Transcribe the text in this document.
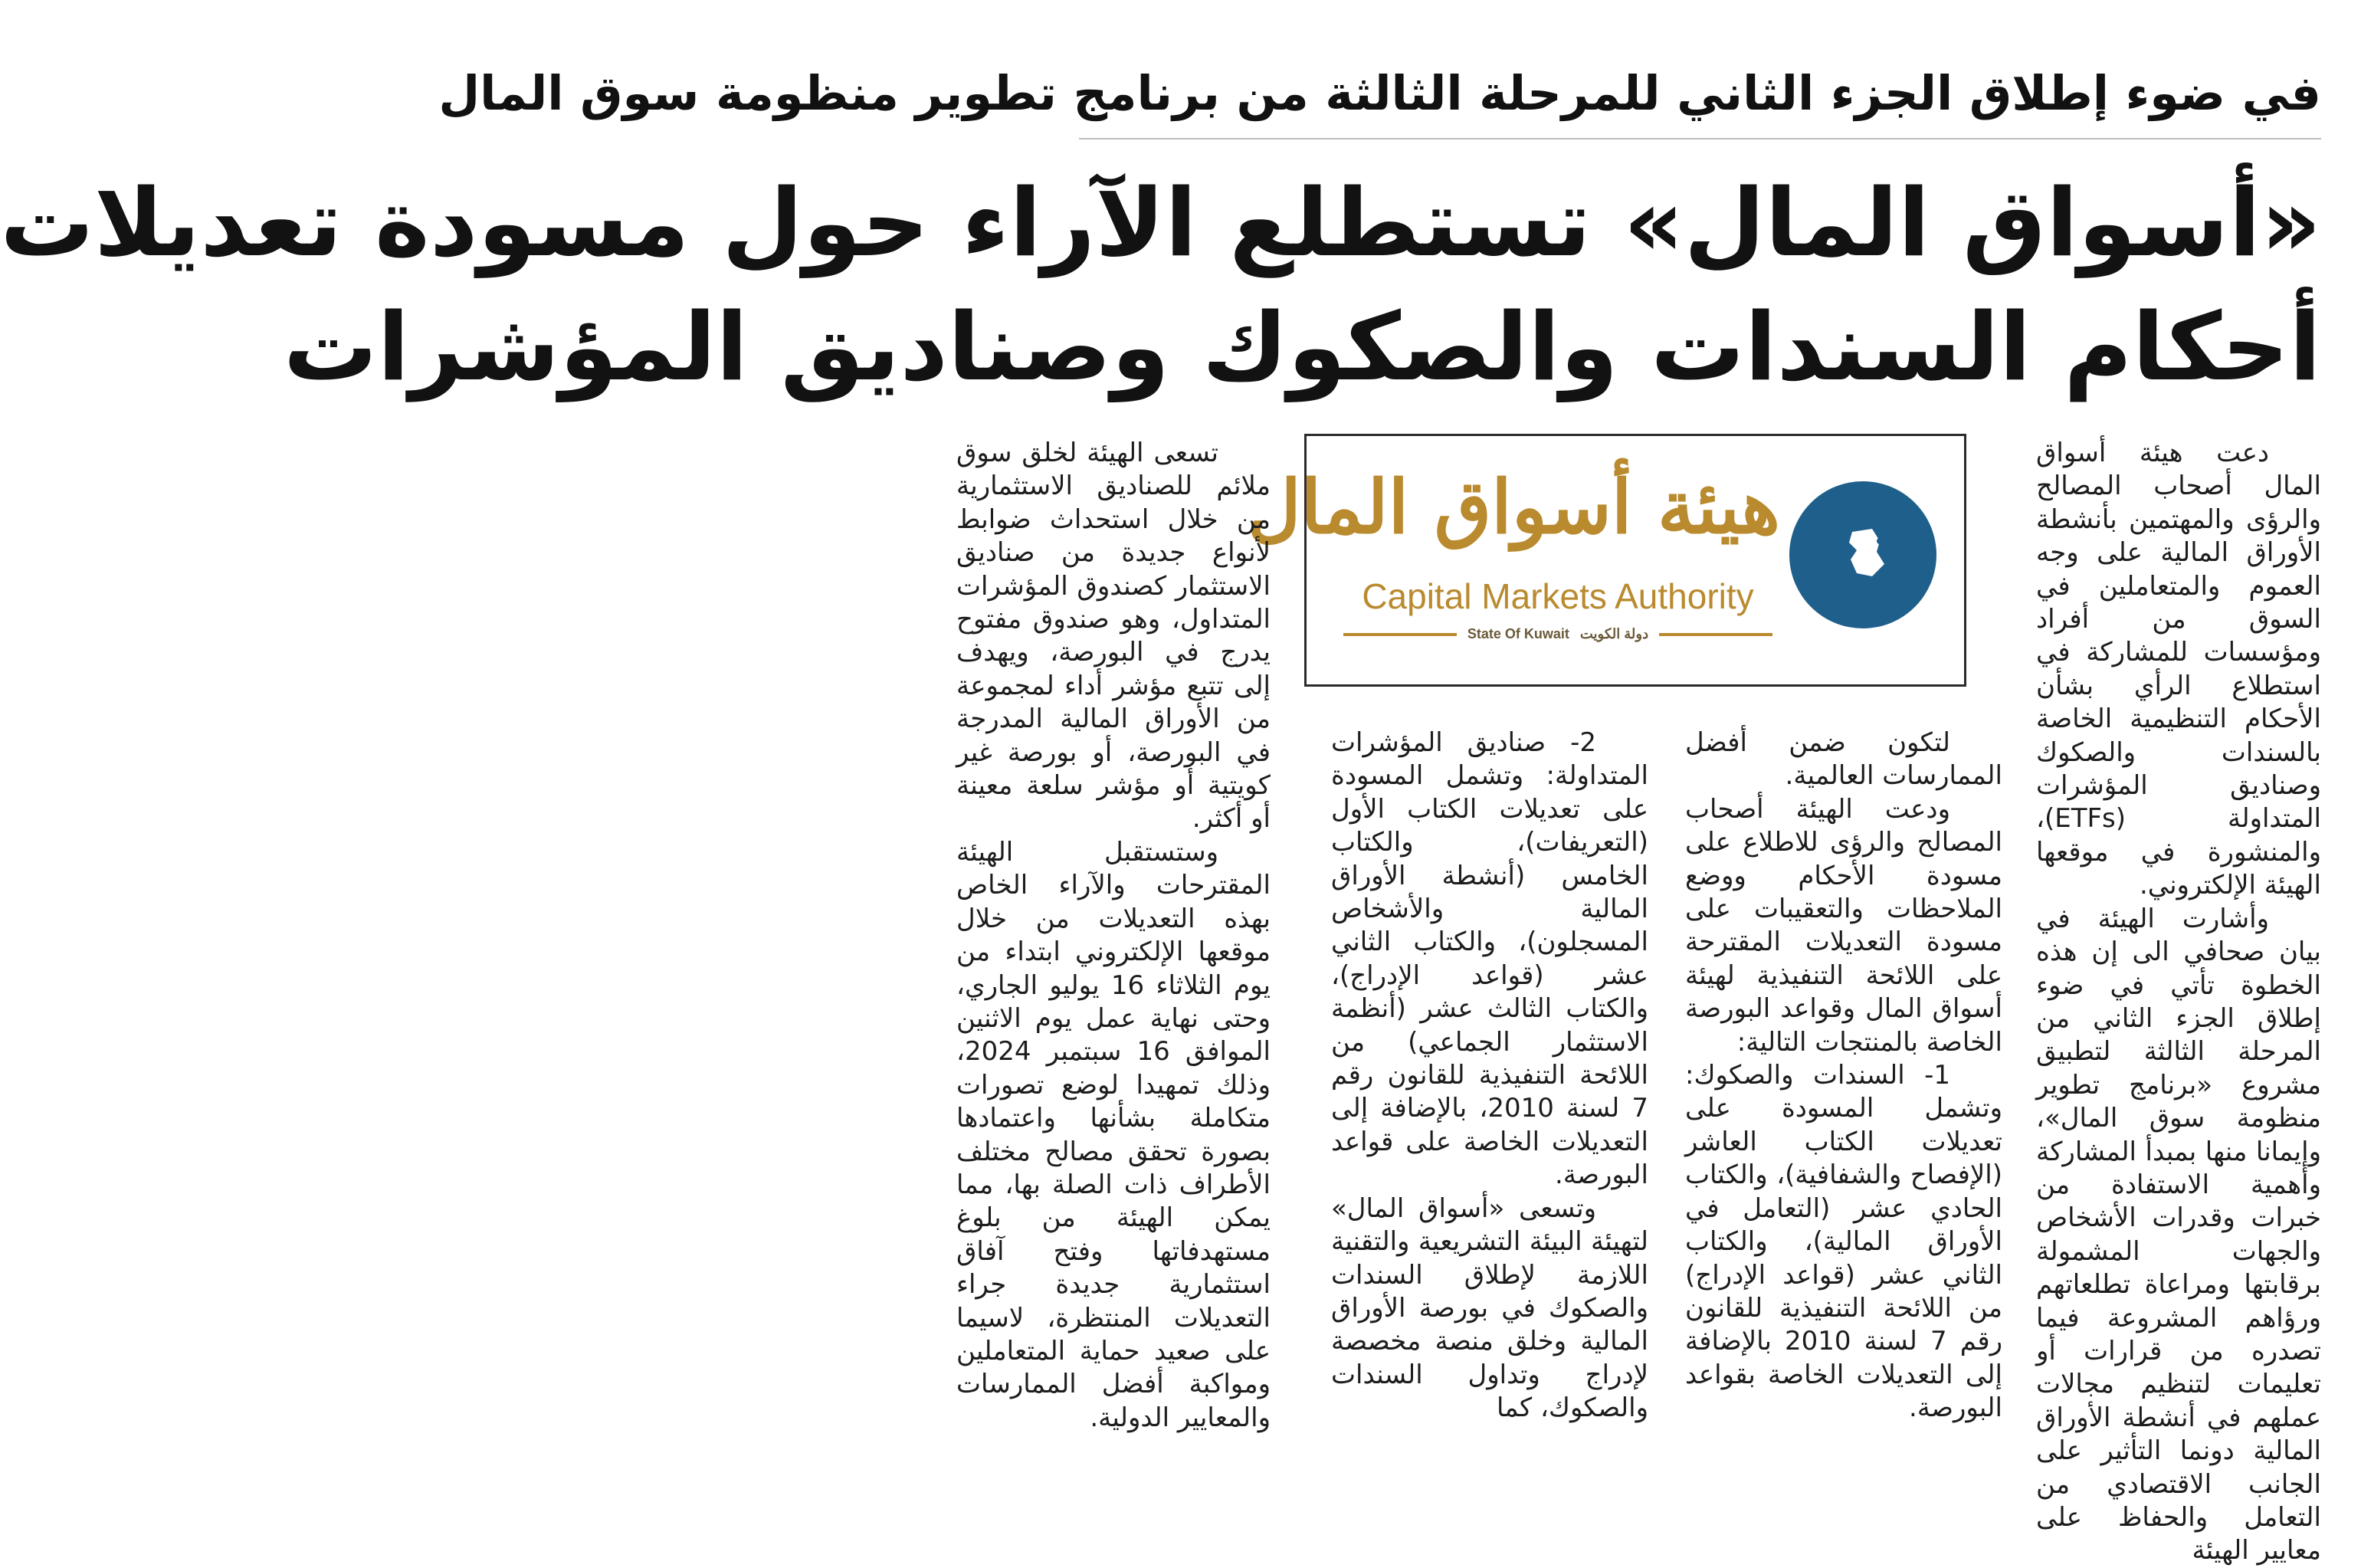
في ضوء إطلاق الجزء الثاني للمرحلة الثالثة من برنامج تطوير منظومة سوق المال
«أسواق المال» تستطلع الآراء حول مسودة تعديلات
أحكام السندات والصكوك وصناديق المؤشرات

دعت هيئة أسواق المال أصحاب المصالح والرؤى والمهتمين بأنشطة الأوراق المالية على وجه العموم والمتعاملين في السوق من أفراد ومؤسسات للمشاركة في استطلاع الرأي بشأن الأحكام التنظيمية الخاصة بالسندات والصكوك وصناديق المؤشرات المتداولة (ETFs)، والمنشورة في موقعها الهيئة الإلكتروني.

وأشارت الهيئة في بيان صحافي الى إن هذه الخطوة تأتي في ضوء إطلاق الجزء الثاني من المرحلة الثالثة لتطبيق مشروع «برنامج تطوير منظومة سوق المال»، وإيمانا منها بمبدأ المشاركة وأهمية الاستفادة من خبرات وقدرات الأشخاص والجهات المشمولة برقابتها ومراعاة تطلعاتهم ورؤاهم المشروعة فيما تصدره من قرارات أو تعليمات لتنظيم مجالات عملهم في أنشطة الأوراق المالية دونما التأثير على الجانب الاقتصادي من التعامل والحفاظ على معايير الهيئة

هيئة أسواق المال
Capital Markets Authority
State Of Kuwait دولة الكويت

لتكون ضمن أفضل الممارسات العالمية.

ودعت الهيئة أصحاب المصالح والرؤى للاطلاع على مسودة الأحكام ووضع الملاحظات والتعقيبات على مسودة التعديلات المقترحة على اللائحة التنفيذية لهيئة أسواق المال وقواعد البورصة الخاصة بالمنتجات التالية:

1- السندات والصكوك: وتشمل المسودة على تعديلات الكتاب العاشر (الإفصاح والشفافية)، والكتاب الحادي عشر (التعامل في الأوراق المالية)، والكتاب الثاني عشر (قواعد الإدراج) من اللائحة التنفيذية للقانون رقم 7 لسنة 2010 بالإضافة إلى التعديلات الخاصة بقواعد البورصة.

2- صناديق المؤشرات المتداولة: وتشمل المسودة على تعديلات الكتاب الأول (التعريفات)، والكتاب الخامس (أنشطة الأوراق المالية والأشخاص المسجلون)، والكتاب الثاني عشر (قواعد الإدراج)، والكتاب الثالث عشر (أنظمة الاستثمار الجماعي) من اللائحة التنفيذية للقانون رقم 7 لسنة 2010، بالإضافة إلى التعديلات الخاصة على قواعد البورصة.

وتسعى «أسواق المال» لتهيئة البيئة التشريعية والتقنية اللازمة لإطلاق السندات والصكوك في بورصة الأوراق المالية وخلق منصة مخصصة لإدراج وتداول السندات والصكوك، كما

تسعى الهيئة لخلق سوق ملائم للصناديق الاستثمارية من خلال استحداث ضوابط لأنواع جديدة من صناديق الاستثمار كصندوق المؤشرات المتداول، وهو صندوق مفتوح يدرج في البورصة، ويهدف إلى تتبع مؤشر أداء لمجموعة من الأوراق المالية المدرجة في البورصة، أو بورصة غير كويتية أو مؤشر سلعة معينة أو أكثر.

وستستقبل الهيئة المقترحات والآراء الخاص بهذه التعديلات من خلال موقعها الإلكتروني ابتداء من يوم الثلاثاء 16 يوليو الجاري، وحتى نهاية عمل يوم الاثنين الموافق 16 سبتمبر 2024، وذلك تمهيدا لوضع تصورات متكاملة بشأنها واعتمادها بصورة تحقق مصالح مختلف الأطراف ذات الصلة بها، مما يمكن الهيئة من بلوغ مستهدفاتها وفتح آفاق استثمارية جديدة جراء التعديلات المنتظرة، لاسيما على صعيد حماية المتعاملين ومواكبة أفضل الممارسات والمعايير الدولية.
